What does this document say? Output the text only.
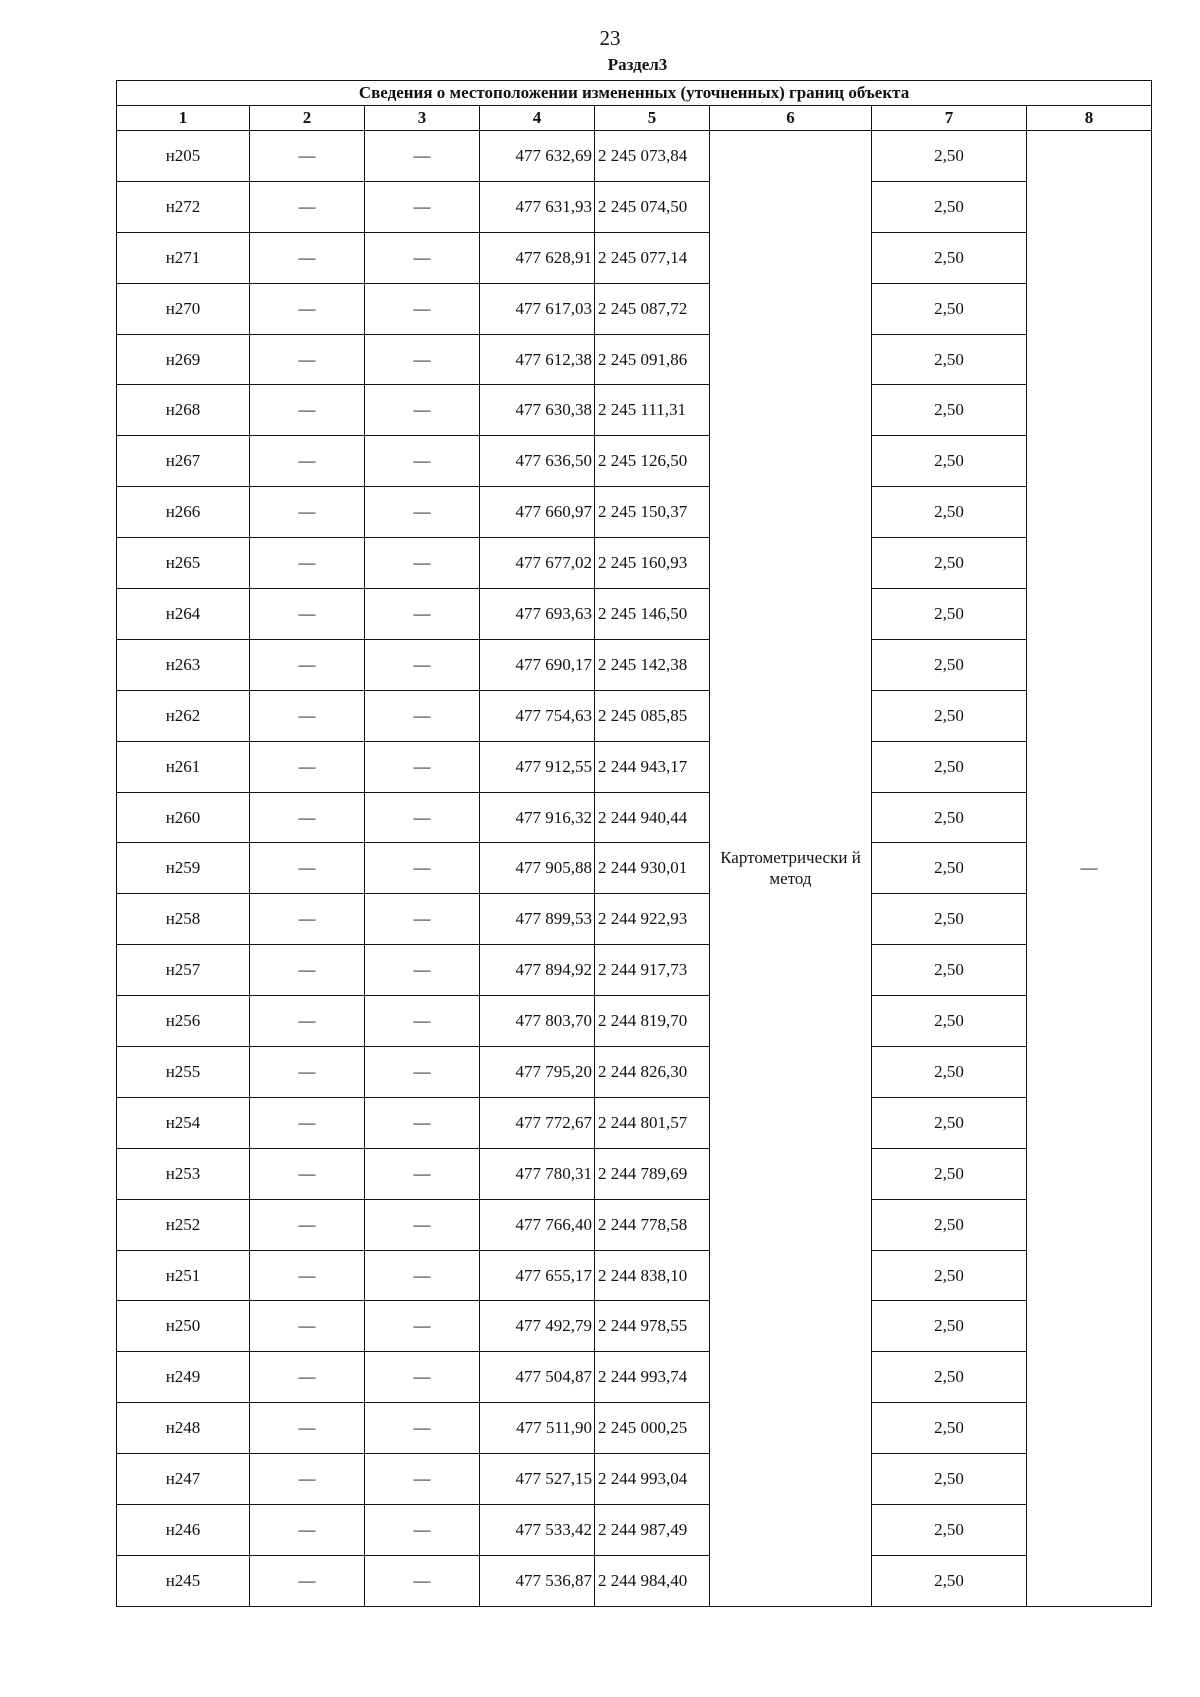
23
Раздел3
Сведения о местоположении измененных (уточненных) границ объекта							
1	2	3	4	5	6	7	8
н205	—	—	477 632,69	2 245 073,84	Картометрически й метод	2,50	—
н272	—	—	477 631,93	2 245 074,50		2,50	
н271	—	—	477 628,91	2 245 077,14		2,50	
н270	—	—	477 617,03	2 245 087,72		2,50	
н269	—	—	477 612,38	2 245 091,86		2,50	
н268	—	—	477 630,38	2 245 111,31		2,50	
н267	—	—	477 636,50	2 245 126,50		2,50	
н266	—	—	477 660,97	2 245 150,37		2,50	
н265	—	—	477 677,02	2 245 160,93		2,50	
н264	—	—	477 693,63	2 245 146,50		2,50	
н263	—	—	477 690,17	2 245 142,38		2,50	
н262	—	—	477 754,63	2 245 085,85		2,50	
н261	—	—	477 912,55	2 244 943,17		2,50	
н260	—	—	477 916,32	2 244 940,44		2,50	
н259	—	—	477 905,88	2 244 930,01		2,50	
н258	—	—	477 899,53	2 244 922,93		2,50	
н257	—	—	477 894,92	2 244 917,73		2,50	
н256	—	—	477 803,70	2 244 819,70		2,50	
н255	—	—	477 795,20	2 244 826,30		2,50	
н254	—	—	477 772,67	2 244 801,57		2,50	
н253	—	—	477 780,31	2 244 789,69		2,50	
н252	—	—	477 766,40	2 244 778,58		2,50	
н251	—	—	477 655,17	2 244 838,10		2,50	
н250	—	—	477 492,79	2 244 978,55		2,50	
н249	—	—	477 504,87	2 244 993,74		2,50	
н248	—	—	477 511,90	2 245 000,25		2,50	
н247	—	—	477 527,15	2 244 993,04		2,50	
н246	—	—	477 533,42	2 244 987,49		2,50	
н245	—	—	477 536,87	2 244 984,40		2,50	
